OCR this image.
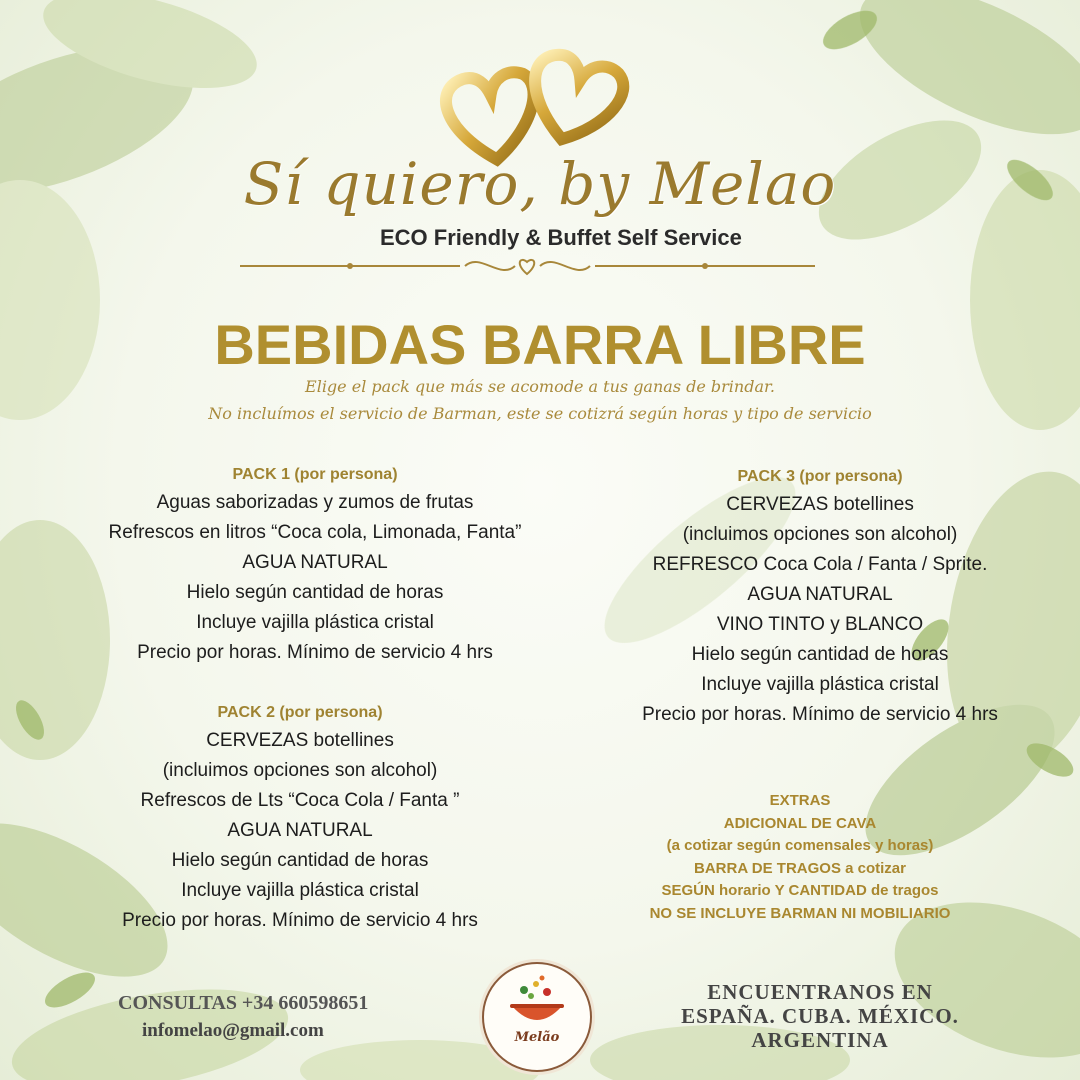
Sí quiero, by Melao
ECO Friendly & Buffet Self Service
BEBIDAS BARRA LIBRE
Elige el pack que más se acomode a tus ganas de brindar.
No incluímos el servicio de Barman, este se cotizrá según horas y tipo de servicio
PACK 1 (por persona)
Aguas saborizadas y zumos de frutas
Refrescos en litros “Coca cola, Limonada, Fanta”
AGUA NATURAL
Hielo según cantidad de horas
Incluye vajilla plástica cristal
Precio por horas. Mínimo de servicio 4 hrs
PACK 2 (por persona)
CERVEZAS botellines
(incluimos opciones son alcohol)
Refrescos de Lts “Coca Cola / Fanta ”
AGUA NATURAL
Hielo según cantidad de horas
Incluye vajilla plástica cristal
Precio por horas. Mínimo de servicio 4 hrs
PACK 3 (por persona)
CERVEZAS botellines
(incluimos opciones son alcohol)
REFRESCO Coca Cola / Fanta / Sprite.
AGUA NATURAL
VINO TINTO y BLANCO
Hielo según cantidad de horas
Incluye vajilla plástica cristal
Precio por horas. Mínimo de servicio 4 hrs
EXTRAS
ADICIONAL DE CAVA
(a cotizar según comensales y horas)
BARRA DE TRAGOS a cotizar
SEGÚN horario Y CANTIDAD de tragos
NO SE INCLUYE BARMAN NI MOBILIARIO
CONSULTAS +34 660598651
infomelao@gmail.com	Melão
ENCUENTRANOS EN
ESPAÑA. CUBA. MÉXICO.
ARGENTINA
